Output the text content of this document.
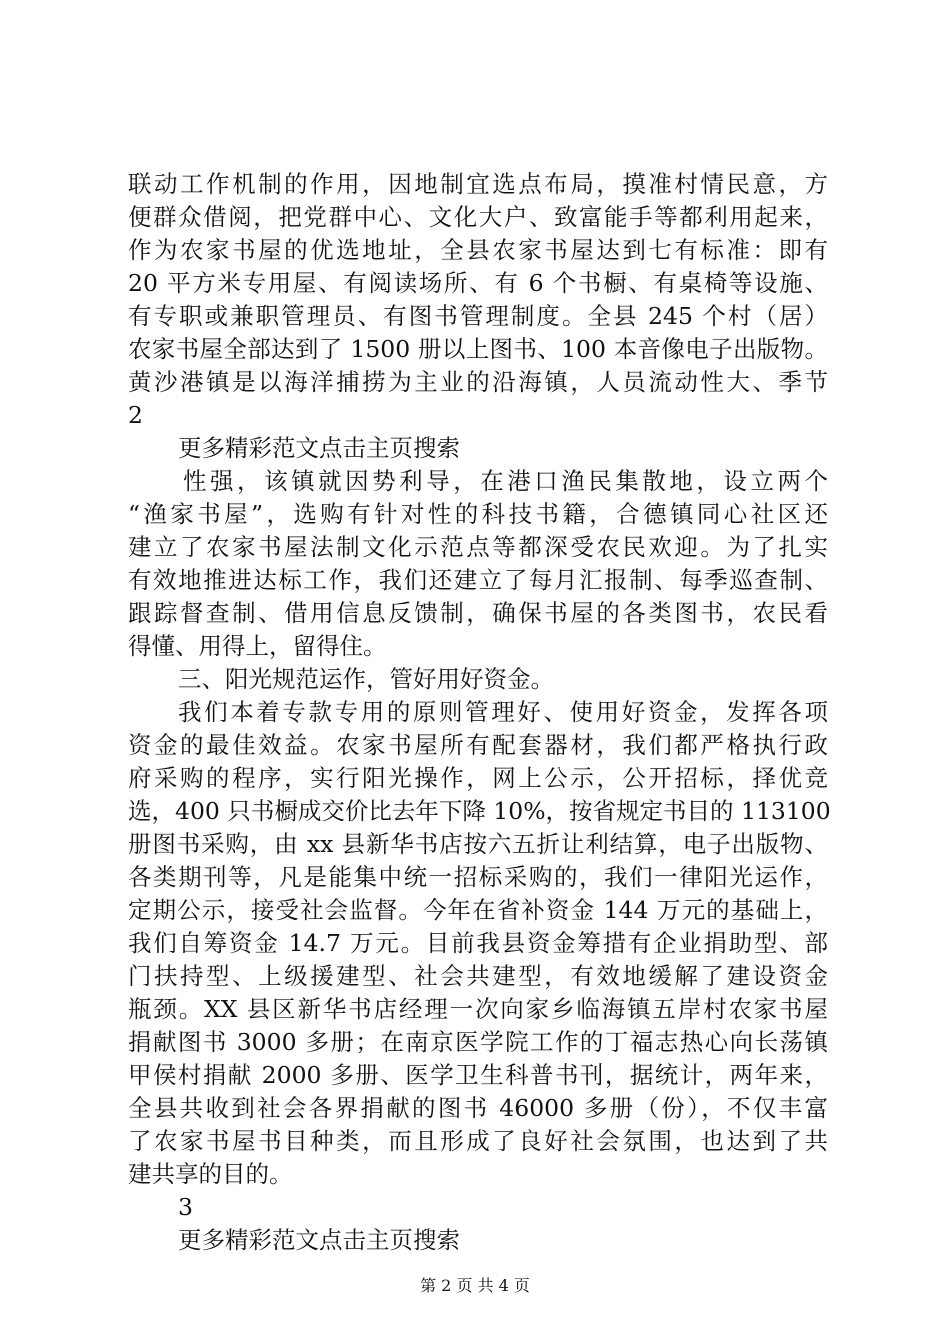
联动工作机制的作用，因地制宜选点布局，摸准村情民意，方
便群众借阅，把党群中心、文化大户、致富能手等都利用起来，
作为农家书屋的优选地址，全县农家书屋达到七有标准：即有
20 平方米专用屋、有阅读场所、有 6 个书橱、有桌椅等设施、
有专职或兼职管理员、有图书管理制度。全县 245 个村（居）
农家书屋全部达到了 1500 册以上图书、100 本音像电子出版物。
黄沙港镇是以海洋捕捞为主业的沿海镇，人员流动性大、季节
2
更多精彩范文点击主页搜索
性强，该镇就因势利导，在港口渔民集散地，设立两个
“渔家书屋”，选购有针对性的科技书籍，合德镇同心社区还
建立了农家书屋法制文化示范点等都深受农民欢迎。为了扎实
有效地推进达标工作，我们还建立了每月汇报制、每季巡查制、
跟踪督查制、借用信息反馈制，确保书屋的各类图书，农民看
得懂、用得上，留得住。
三、阳光规范运作，管好用好资金。
我们本着专款专用的原则管理好、使用好资金，发挥各项
资金的最佳效益。农家书屋所有配套器材，我们都严格执行政
府采购的程序，实行阳光操作，网上公示，公开招标，择优竞
选，400 只书橱成交价比去年下降 10%，按省规定书目的 113100
册图书采购，由 xx 县新华书店按六五折让利结算，电子出版物、
各类期刊等，凡是能集中统一招标采购的，我们一律阳光运作，
定期公示，接受社会监督。今年在省补资金 144 万元的基础上，
我们自筹资金 14.7 万元。目前我县资金筹措有企业捐助型、部
门扶持型、上级援建型、社会共建型，有效地缓解了建设资金
瓶颈。XX 县区新华书店经理一次向家乡临海镇五岸村农家书屋
捐献图书 3000 多册；在南京医学院工作的丁福志热心向长荡镇
甲侯村捐献 2000 多册、医学卫生科普书刊，据统计，两年来，
全县共收到社会各界捐献的图书 46000 多册（份），不仅丰富
了农家书屋书目种类，而且形成了良好社会氛围，也达到了共
建共享的目的。
3
更多精彩范文点击主页搜索
第 2 页 共 4 页
